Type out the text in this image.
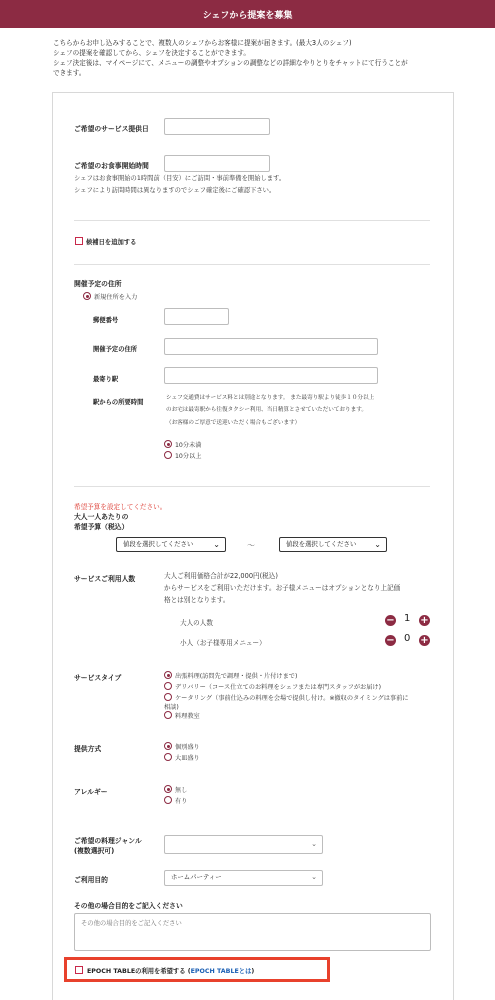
シェフから提案を募集
こちらからお申し込みすることで、複数人のシェフからお客様に提案が届きます。(最大3人のシェフ)
シェフの提案を確認してから、シェフを決定することができます。
シェフ決定後は、マイページにて、メニューの調整やオプションの調整などの詳細なやりとりをチャットにて行うことが
できます。
ご希望のサービス提供日
ご希望のお食事開始時間
シェフはお食事開始の1時間前（目安）にご訪問・事前準備を開始します。
シェフにより訪問時間は異なりますのでシェフ確定後にご確認下さい。
候補日を追加する
開催予定の住所
新規住所を入力
郵便番号
開催予定の住所
最寄り駅
駅からの所要時間
シェフ交通費はサービス料とは別途となります。 また最寄り駅より徒歩１０分以上
のお宅は最寄駅から往復タクシー利用、当日精算とさせていただいております。
（お客様のご厚意で送迎いただく場合もございます）
10分未満
10分以上
希望予算を設定してください。
大人一人あたりの
希望予算（税込）
値段を選択してください	⌄	〜	値段を選択してください ⌄
サービスご利用人数	大人ご利用価格合計が22,000円(税込)
からサービスをご利用いただけます。お子様メニューはオプションとなり上記価
格とは別となります。
大人の人数	− 1 +
小人（お子様専用メニュー）	− 0 +
サービスタイプ	出張料理(訪問先で調理・提供・片付けまで)
デリバリー（コース仕立てのお料理をシェフまたは専門スタッフがお届け)
ケータリング（事前仕込みの料理を会場で提供し付け。※撤収のタイミングは事前に
相談)
料理教室
提供方式	個別盛り
大皿盛り
アレルギー	無し
有り
ご希望の料理ジャンル
(複数選択可)
⌄
ご利用目的	ホームパーティー	⌄
その他の場合目的をご記入ください
その他の場合目的をご記入ください
EPOCH TABLEの利用を希望する (EPOCH TABLEとは)
